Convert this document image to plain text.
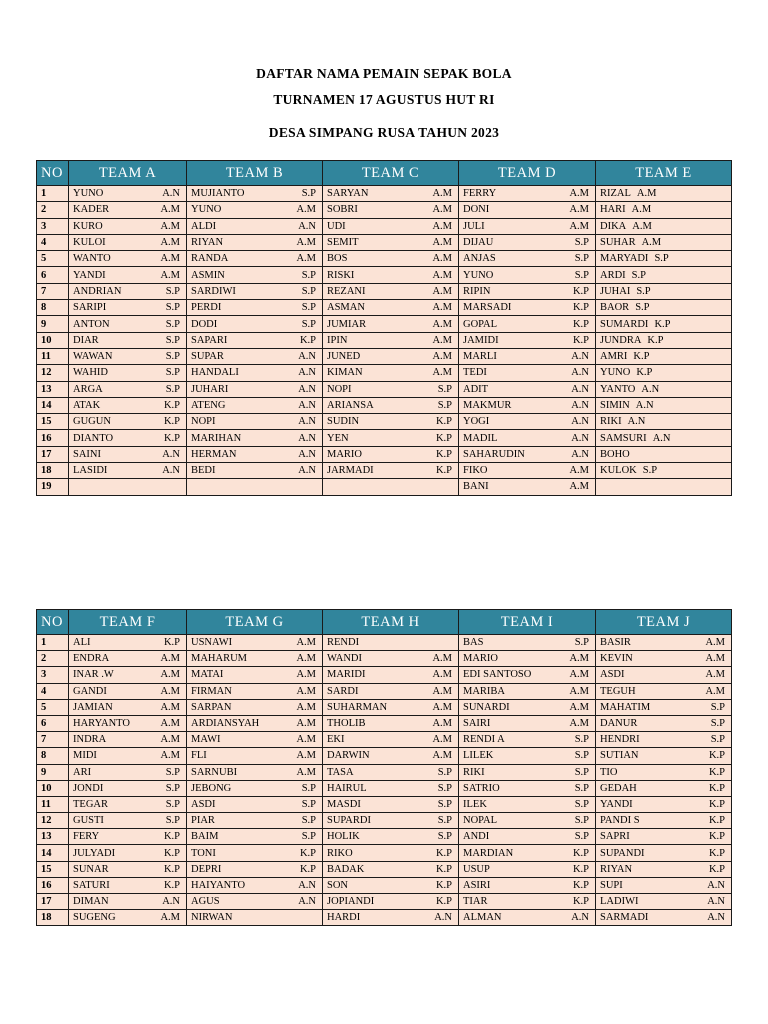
DAFTAR NAMA PEMAIN SEPAK BOLA
TURNAMEN 17 AGUSTUS HUT RI
DESA SIMPANG RUSA TAHUN 2023
NO	TEAM A	TEAM B	TEAM C	TEAM D	TEAM E
1	YUNO A.N	MUJIANTO S.P	SARYAN A.M	FERRY A.M	RIZAL A.M

2	KADER A.M	YUNO A.M	SOBRI A.M	DONI A.M	HARI A.M

3	KURO A.M	ALDI A.N	UDI A.M	JULI A.M	DIKA A.M

4	KULOI A.M	RIYAN A.M	SEMIT A.M	DIJAU S.P	SUHAR A.M

5	WANTO A.M	RANDA A.M	BOS A.M	ANJAS S.P	MARYADI S.P

6	YANDI A.M	ASMIN S.P	RISKI A.M	YUNO S.P	ARDI S.P

7	ANDRIAN S.P	SARDIWI S.P	REZANI A.M	RIPIN K.P	JUHAI S.P

8	SARIPI S.P	PERDI S.P	ASMAN A.M	MARSADI K.P	BAOR S.P

9	ANTON S.P	DODI S.P	JUMIAR A.M	GOPAL K.P	SUMARDI K.P

10	DIAR S.P	SAPARI K.P	IPIN A.M	JAMIDI K.P	JUNDRA K.P

11	WAWAN S.P	SUPAR A.N	JUNED A.M	MARLI A.N	AMRI K.P

12	WAHID S.P	HANDALI A.N	KIMAN A.M	TEDI A.N	YUNO K.P

13	ARGA S.P	JUHARI A.N	NOPI S.P	ADIT A.N	YANTO A.N

14	ATAK K.P	ATENG A.N	ARIANSA S.P	MAKMUR A.N	SIMIN A.N

15	GUGUN K.P	NOPI A.N	SUDIN K.P	YOGI A.N	RIKI A.N

16	DIANTO K.P	MARIHAN A.N	YEN K.P	MADIL A.N	SAMSURI A.N

17	SAINI A.N	HERMAN A.N	MARIO K.P	SAHARUDIN A.N	BOHO

18	LASIDI A.N	BEDI A.N	JARMADI K.P	FIKO A.M	KULOK S.P

19				BANI A.M	

NO	TEAM F	TEAM G	TEAM H	TEAM I	TEAM J
1	ALI K.P	USNAWI A.M	RENDI	BAS S.P	BASIR A.M

2	ENDRA A.M	MAHARUM A.M	WANDI A.M	MARIO A.M	KEVIN A.M

3	INAR .W A.M	MATAI A.M	MARIDI A.M	EDI SANTOSO A.M	ASDI A.M

4	GANDI A.M	FIRMAN A.M	SARDI A.M	MARIBA A.M	TEGUH A.M

5	JAMIAN A.M	SARPAN A.M	SUHARMAN A.M	SUNARDI A.M	MAHATIM S.P

6	HARYANTO A.M	ARDIANSYAH A.M	THOLIB A.M	SAIRI A.M	DANUR S.P

7	INDRA A.M	MAWI A.M	EKI A.M	RENDI A S.P	HENDRI S.P

8	MIDI A.M	FLI A.M	DARWIN A.M	LILEK S.P	SUTIAN K.P

9	ARI S.P	SARNUBI A.M	TASA S.P	RIKI S.P	TIO K.P

10	JONDI S.P	JEBONG S.P	HAIRUL S.P	SATRIO S.P	GEDAH K.P

11	TEGAR S.P	ASDI S.P	MASDI S.P	ILEK S.P	YANDI K.P

12	GUSTI S.P	PIAR S.P	SUPARDI S.P	NOPAL S.P	PANDI S K.P

13	FERY K.P	BAIM S.P	HOLIK S.P	ANDI S.P	SAPRI K.P

14	JULYADI K.P	TONI K.P	RIKO K.P	MARDIAN K.P	SUPANDI K.P

15	SUNAR K.P	DEPRI K.P	BADAK K.P	USUP K.P	RIYAN K.P

16	SATURI K.P	HAIYANTO A.N	SON K.P	ASIRI K.P	SUPI A.N

17	DIMAN A.N	AGUS A.N	JOPIANDI K.P	TIAR K.P	LADIWI A.N

18	SUGENG A.M	NIRWAN	HARDI A.N	ALMAN A.N	SARMADI A.N
